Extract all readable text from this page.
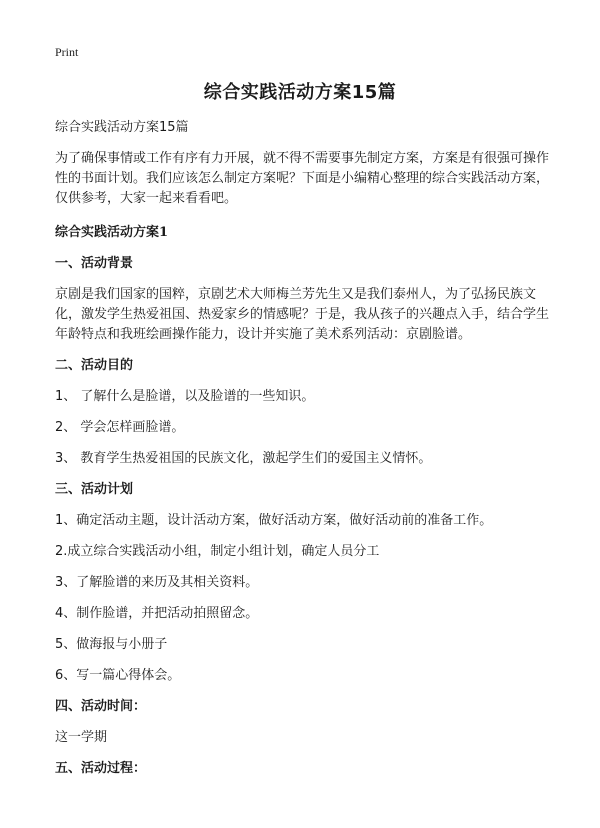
Print
综合实践活动方案15篇

综合实践活动方案15篇

为了确保事情或工作有序有力开展，就不得不需要事先制定方案，方案是有很强可操作性的书面计划。我们应该怎么制定方案呢？下面是小编精心整理的综合实践活动方案，仅供参考，大家一起来看看吧。

综合实践活动方案1

一、活动背景

京剧是我们国家的国粹，京剧艺术大师梅兰芳先生又是我们泰州人，为了弘扬民族文化，激发学生热爱祖国、热爱家乡的情感呢？于是，我从孩子的兴趣点入手，结合学生年龄特点和我班绘画操作能力，设计并实施了美术系列活动：京剧脸谱。

二、活动目的

1、 了解什么是脸谱，以及脸谱的一些知识。

2、 学会怎样画脸谱。

3、 教育学生热爱祖国的民族文化，激起学生们的爱国主义情怀。

三、活动计划

1、确定活动主题，设计活动方案，做好活动方案，做好活动前的准备工作。

2.成立综合实践活动小组，制定小组计划，确定人员分工

3、了解脸谱的来历及其相关资料。

4、制作脸谱，并把活动拍照留念。

5、做海报与小册子

6、写一篇心得体会。

四、活动时间：

这一学期

五、活动过程：
